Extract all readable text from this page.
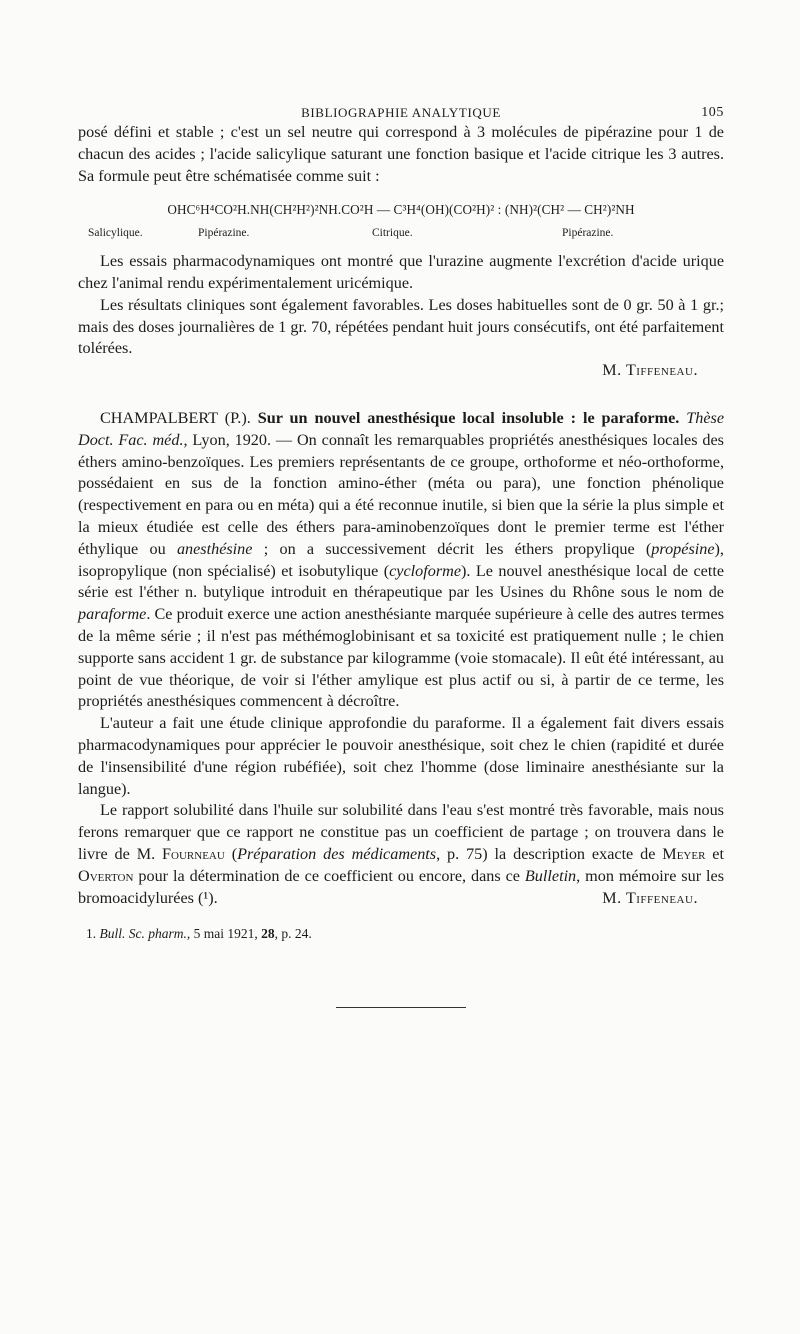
BIBLIOGRAPHIE ANALYTIQUE	105

posé défini et stable ; c'est un sel neutre qui correspond à 3 molécules de pipérazine pour 1 de chacun des acides ; l'acide salicylique saturant une fonction basique et l'acide citrique les 3 autres. Sa formule peut être schématisée comme suit :

OHC⁶H⁴CO²H.NH(CH²H²)²NH.CO²H — C³H⁴(OH)(CO²H)² : (NH)²(CH² — CH²)²NH
Salicylique.	Pipérazine.	Citrique.	Pipérazine.

Les essais pharmacodynamiques ont montré que l'urazine augmente l'excrétion d'acide urique chez l'animal rendu expérimentalement uricémique.

Les résultats cliniques sont également favorables. Les doses habituelles sont de 0 gr. 50 à 1 gr.; mais des doses journalières de 1 gr. 70, répétées pendant huit jours consécutifs, ont été parfaitement tolérées.

M. Tiffeneau.

CHAMPALBERT (P.). Sur un nouvel anesthésique local insoluble : le paraforme. Thèse Doct. Fac. méd., Lyon, 1920. — On connaît les remarquables propriétés anesthésiques locales des éthers amino-benzoïques. Les premiers représentants de ce groupe, orthoforme et néo-orthoforme, possédaient en sus de la fonction amino-éther (méta ou para), une fonction phénolique (respectivement en para ou en méta) qui a été reconnue inutile, si bien que la série la plus simple et la mieux étudiée est celle des éthers para-aminobenzoïques dont le premier terme est l'éther éthylique ou anesthésine ; on a successivement décrit les éthers propylique (propésine), isopropylique (non spécialisé) et isobutylique (cycloforme). Le nouvel anesthésique local de cette série est l'éther n. butylique introduit en thérapeutique par les Usines du Rhône sous le nom de paraforme. Ce produit exerce une action anesthésiante marquée supérieure à celle des autres termes de la même série ; il n'est pas méthémoglobinisant et sa toxicité est pratiquement nulle ; le chien supporte sans accident 1 gr. de substance par kilogramme (voie stomacale). Il eût été intéressant, au point de vue théorique, de voir si l'éther amylique est plus actif ou si, à partir de ce terme, les propriétés anesthésiques commencent à décroître.

L'auteur a fait une étude clinique approfondie du paraforme. Il a également fait divers essais pharmacodynamiques pour apprécier le pouvoir anesthésique, soit chez le chien (rapidité et durée de l'insensibilité d'une région rubéfiée), soit chez l'homme (dose liminaire anesthésiante sur la langue).

Le rapport solubilité dans l'huile sur solubilité dans l'eau s'est montré très favorable, mais nous ferons remarquer que ce rapport ne constitue pas un coefficient de partage ; on trouvera dans le livre de M. Fourneau (Préparation des médicaments, p. 75) la description exacte de Meyer et Overton pour la détermination de ce coefficient ou encore, dans ce Bulletin, mon mémoire sur les bromoacidylurées (¹).	M. Tiffeneau.

1. Bull. Sc. pharm., 5 mai 1921, 28, p. 24.
